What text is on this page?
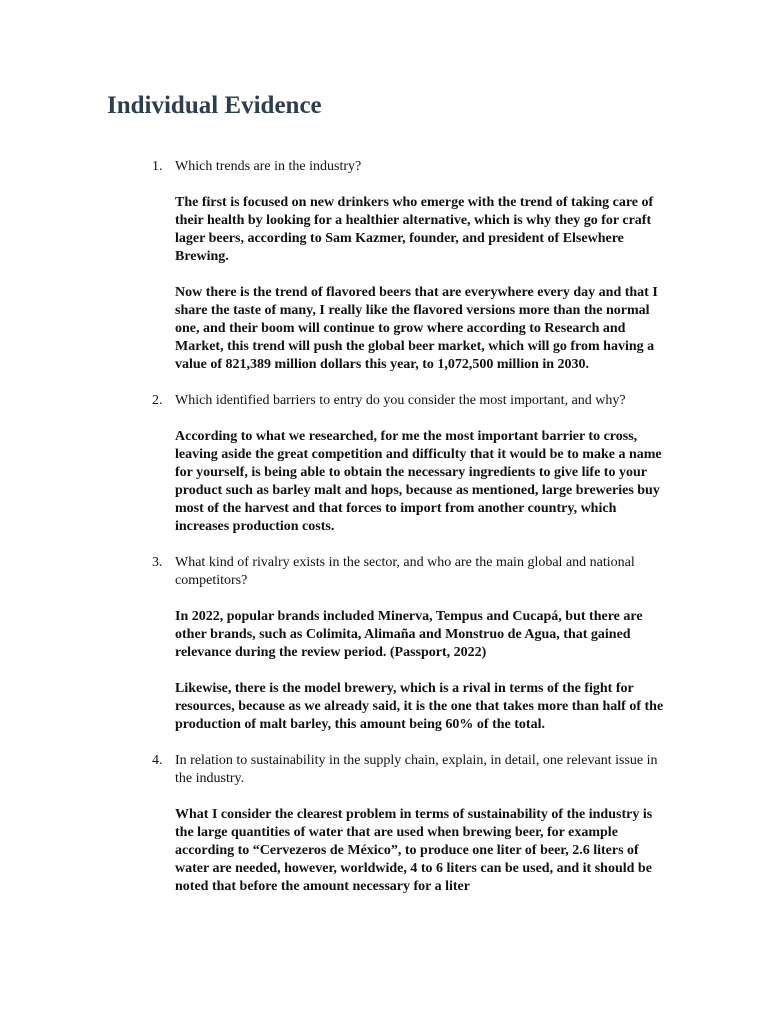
Individual Evidence
1. Which trends are in the industry?

The first is focused on new drinkers who emerge with the trend of taking care of their health by looking for a healthier alternative, which is why they go for craft lager beers, according to Sam Kazmer, founder, and president of Elsewhere Brewing.

Now there is the trend of flavored beers that are everywhere every day and that I share the taste of many, I really like the flavored versions more than the normal one, and their boom will continue to grow where according to Research and Market, this trend will push the global beer market, which will go from having a value of 821,389 million dollars this year, to 1,072,500 million in 2030.

2. Which identified barriers to entry do you consider the most important, and why?

According to what we researched, for me the most important barrier to cross, leaving aside the great competition and difficulty that it would be to make a name for yourself, is being able to obtain the necessary ingredients to give life to your product such as barley malt and hops, because as mentioned, large breweries buy most of the harvest and that forces to import from another country, which increases production costs.

3. What kind of rivalry exists in the sector, and who are the main global and national competitors?

In 2022, popular brands included Minerva, Tempus and Cucapá, but there are other brands, such as Colimita, Alimaña and Monstruo de Agua, that gained relevance during the review period. (Passport, 2022)

Likewise, there is the model brewery, which is a rival in terms of the fight for resources, because as we already said, it is the one that takes more than half of the production of malt barley, this amount being 60% of the total.

4. In relation to sustainability in the supply chain, explain, in detail, one relevant issue in the industry.

What I consider the clearest problem in terms of sustainability of the industry is the large quantities of water that are used when brewing beer, for example according to “Cervezeros de México”, to produce one liter of beer, 2.6 liters of water are needed, however, worldwide, 4 to 6 liters can be used, and it should be noted that before the amount necessary for a liter
